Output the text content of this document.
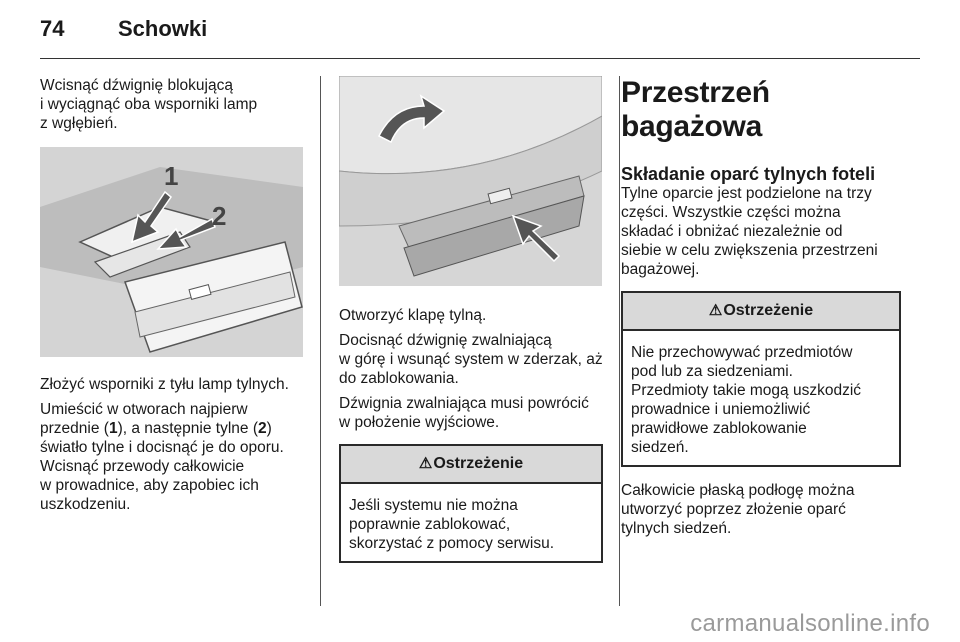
74 Schowki

Wcisnąć dźwignię blokującą
i wyciągnąć oba wsporniki lamp
z wgłębień.

1
2

Złożyć wsporniki z tyłu lamp tylnych.

Umieścić w otworach najpierw
przednie (1), a następnie tylne (2)
światło tylne i docisnąć je do oporu.
Wcisnąć przewody całkowicie
w prowadnice, aby zapobiec ich
uszkodzeniu.

Otworzyć klapę tylną.

Docisnąć dźwignię zwalniającą
w górę i wsunąć system w zderzak, aż
do zablokowania.

Dźwignia zwalniająca musi powrócić
w położenie wyjściowe.

⚠Ostrzeżenie
Jeśli systemu nie można
poprawnie zablokować,
skorzystać z pomocy serwisu.
Przestrzeń bagażowa
Składanie oparć tylnych foteli

Tylne oparcie jest podzielone na trzy
części. Wszystkie części można
składać i obniżać niezależnie od
siebie w celu zwiększenia przestrzeni
bagażowej.

⚠Ostrzeżenie
Nie przechowywać przedmiotów
pod lub za siedzeniami.
Przedmioty takie mogą uszkodzić
prowadnice i uniemożliwić
prawidłowe zablokowanie
siedzeń.

Całkowicie płaską podłogę można
utworzyć poprzez złożenie oparć
tylnych siedzeń.

carmanualsonline.info
